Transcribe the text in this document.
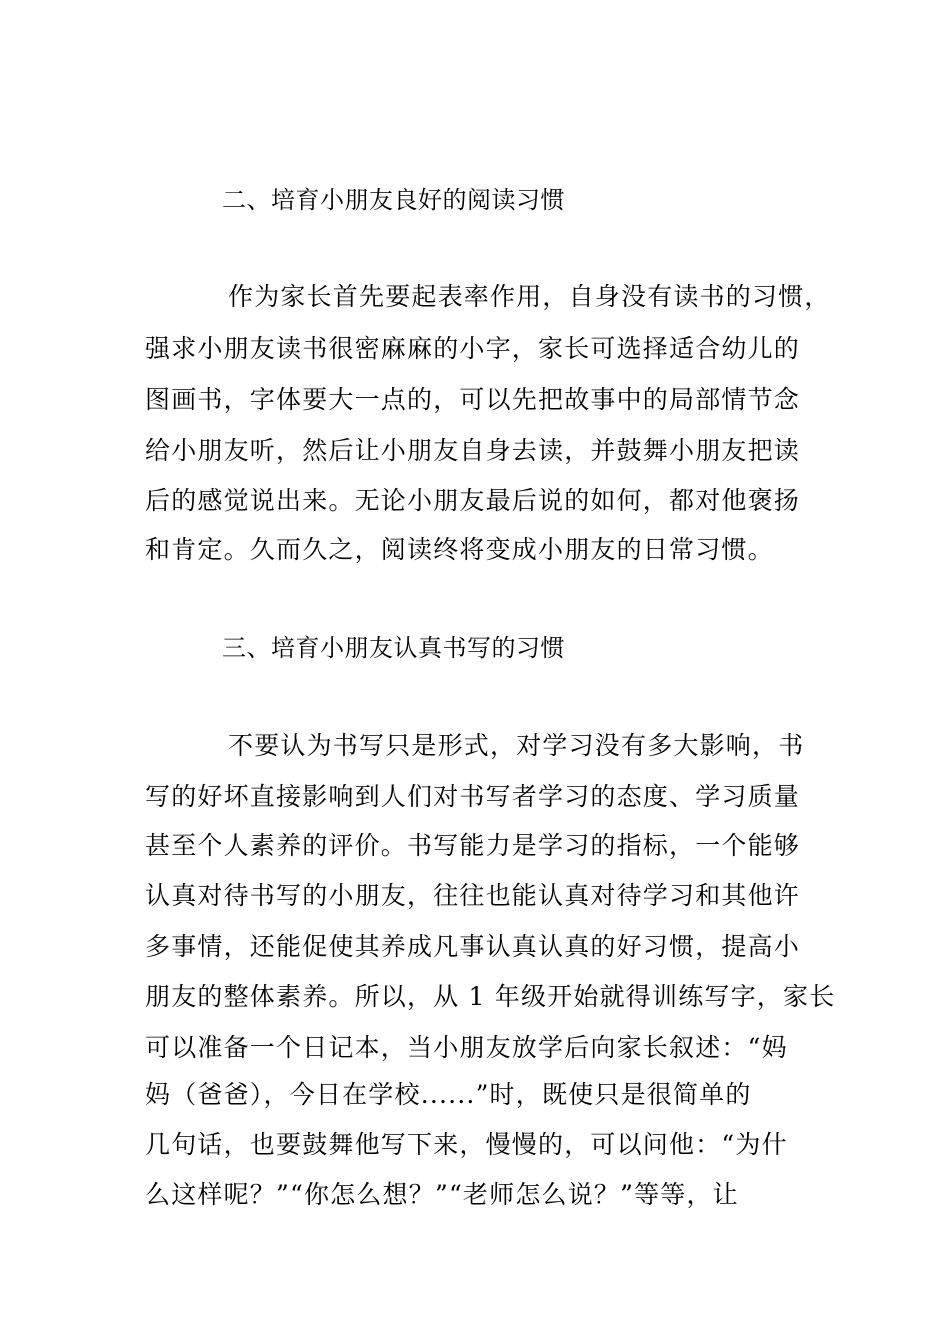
二、培育小朋友良好的阅读习惯
作为家长首先要起表率作用，自身没有读书的习惯，
强求小朋友读书很密麻麻的小字，家长可选择适合幼儿的
图画书，字体要大一点的，可以先把故事中的局部情节念
给小朋友听，然后让小朋友自身去读，并鼓舞小朋友把读
后的感觉说出来。无论小朋友最后说的如何，都对他褒扬
和肯定。久而久之，阅读终将变成小朋友的日常习惯。
三、培育小朋友认真书写的习惯
不要认为书写只是形式，对学习没有多大影响，书
写的好坏直接影响到人们对书写者学习的态度、学习质量
甚至个人素养的评价。书写能力是学习的指标，一个能够
认真对待书写的小朋友，往往也能认真对待学习和其他许
多事情，还能促使其养成凡事认真认真的好习惯，提高小
朋友的整体素养。所以，从 1 年级开始就得训练写字，家长
可以准备一个日记本，当小朋友放学后向家长叙述：“妈
妈（爸爸），今日在学校......”时，既使只是很简单的
几句话，也要鼓舞他写下来，慢慢的，可以问他：“为什
么这样呢？”“你怎么想？”“老师怎么说？”等等，让
